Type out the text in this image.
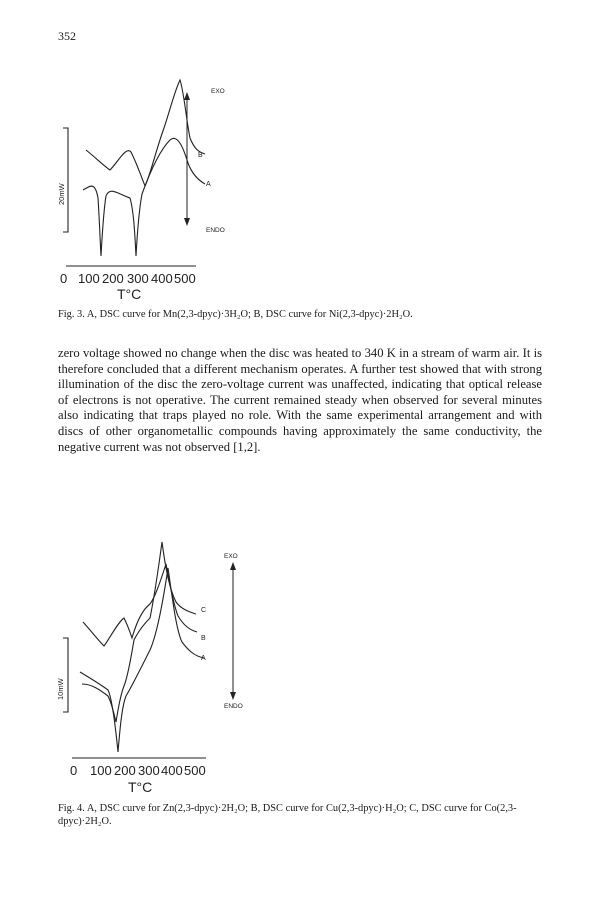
352
20mW
EXO
ENDO
B
A
0 100 200 300 400 500
T°C
Fig. 3. A, DSC curve for Mn(2,3-dpyc)·3H₂O; B, DSC curve for Ni(2,3-dpyc)·2H₂O.

zero voltage showed no change when the disc was heated to 340 K in a stream of warm air. It is therefore concluded that a different mechanism operates. A further test showed that with strong illumination of the disc the zero-voltage current was unaffected, indicating that optical release of electrons is not operative. The current remained steady when observed for several minutes also indicating that traps played no role. With the same experimental arrangement and with discs of other organometallic compounds having approximately the same conductivity, the negative current was not observed [1,2].

10mW
EXO
ENDO
C
B
A
0 100 200 300 400 500
T°C
Fig. 4. A, DSC curve for Zn(2,3-dpyc)·2H₂O; B, DSC curve for Cu(2,3-dpyc)·H₂O; C, DSC curve for Co(2,3-dpyc)·2H₂O.
